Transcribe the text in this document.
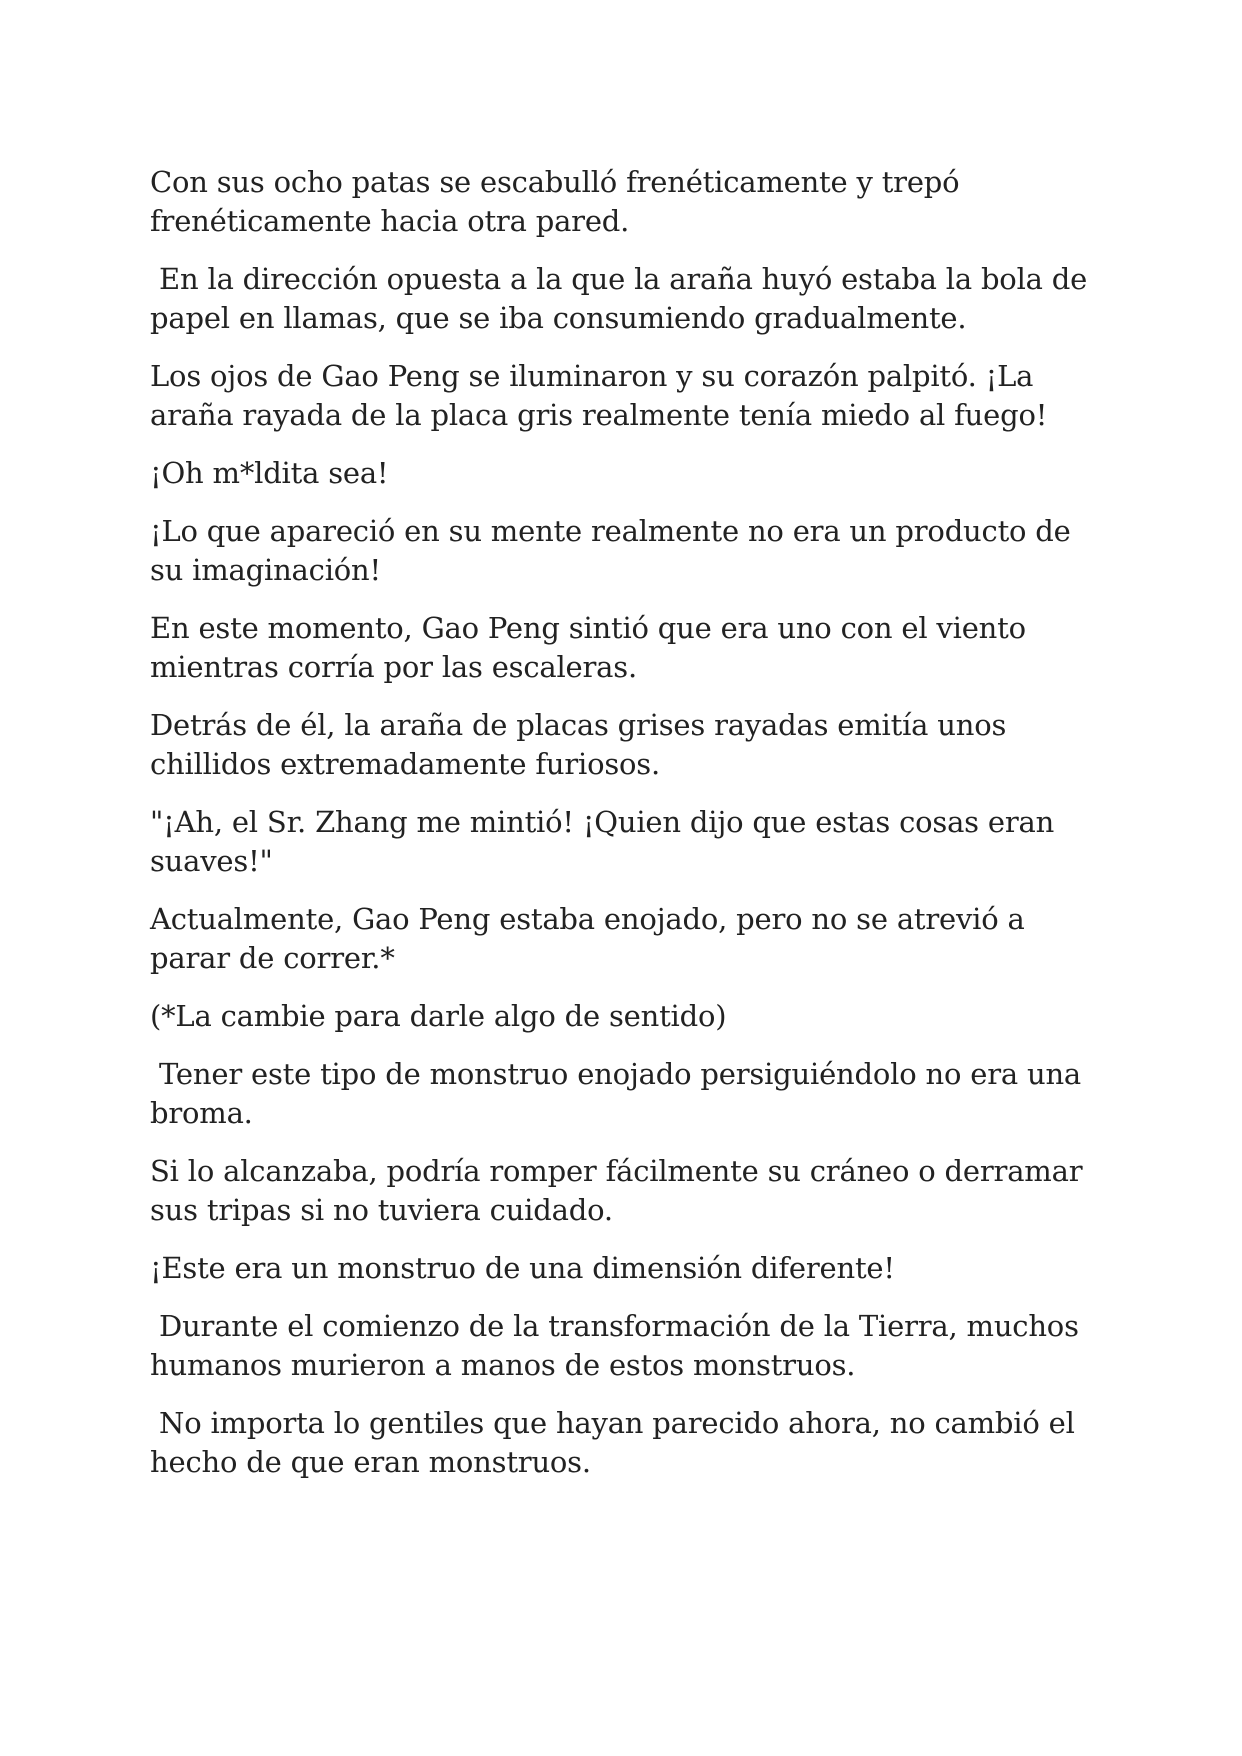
Con sus ocho patas se escabulló frenéticamente y trepó frenéticamente hacia otra pared.

En la dirección opuesta a la que la araña huyó estaba la bola de papel en llamas, que se iba consumiendo gradualmente.

Los ojos de Gao Peng se iluminaron y su corazón palpitó. ¡La araña rayada de la placa gris realmente tenía miedo al fuego!

¡Oh m*ldita sea!

¡Lo que apareció en su mente realmente no era un producto de su imaginación!

En este momento, Gao Peng sintió que era uno con el viento mientras corría por las escaleras.

Detrás de él, la araña de placas grises rayadas emitía unos chillidos extremadamente furiosos.

"¡Ah, el Sr. Zhang me mintió! ¡Quien dijo que estas cosas eran suaves!"

Actualmente, Gao Peng estaba enojado, pero no se atrevió a parar de correr.*

(*La cambie para darle algo de sentido)

Tener este tipo de monstruo enojado persiguiéndolo no era una broma.

Si lo alcanzaba, podría romper fácilmente su cráneo o derramar sus tripas si no tuviera cuidado.

¡Este era un monstruo de una dimensión diferente!

Durante el comienzo de la transformación de la Tierra, muchos humanos murieron a manos de estos monstruos.

No importa lo gentiles que hayan parecido ahora, no cambió el hecho de que eran monstruos.
